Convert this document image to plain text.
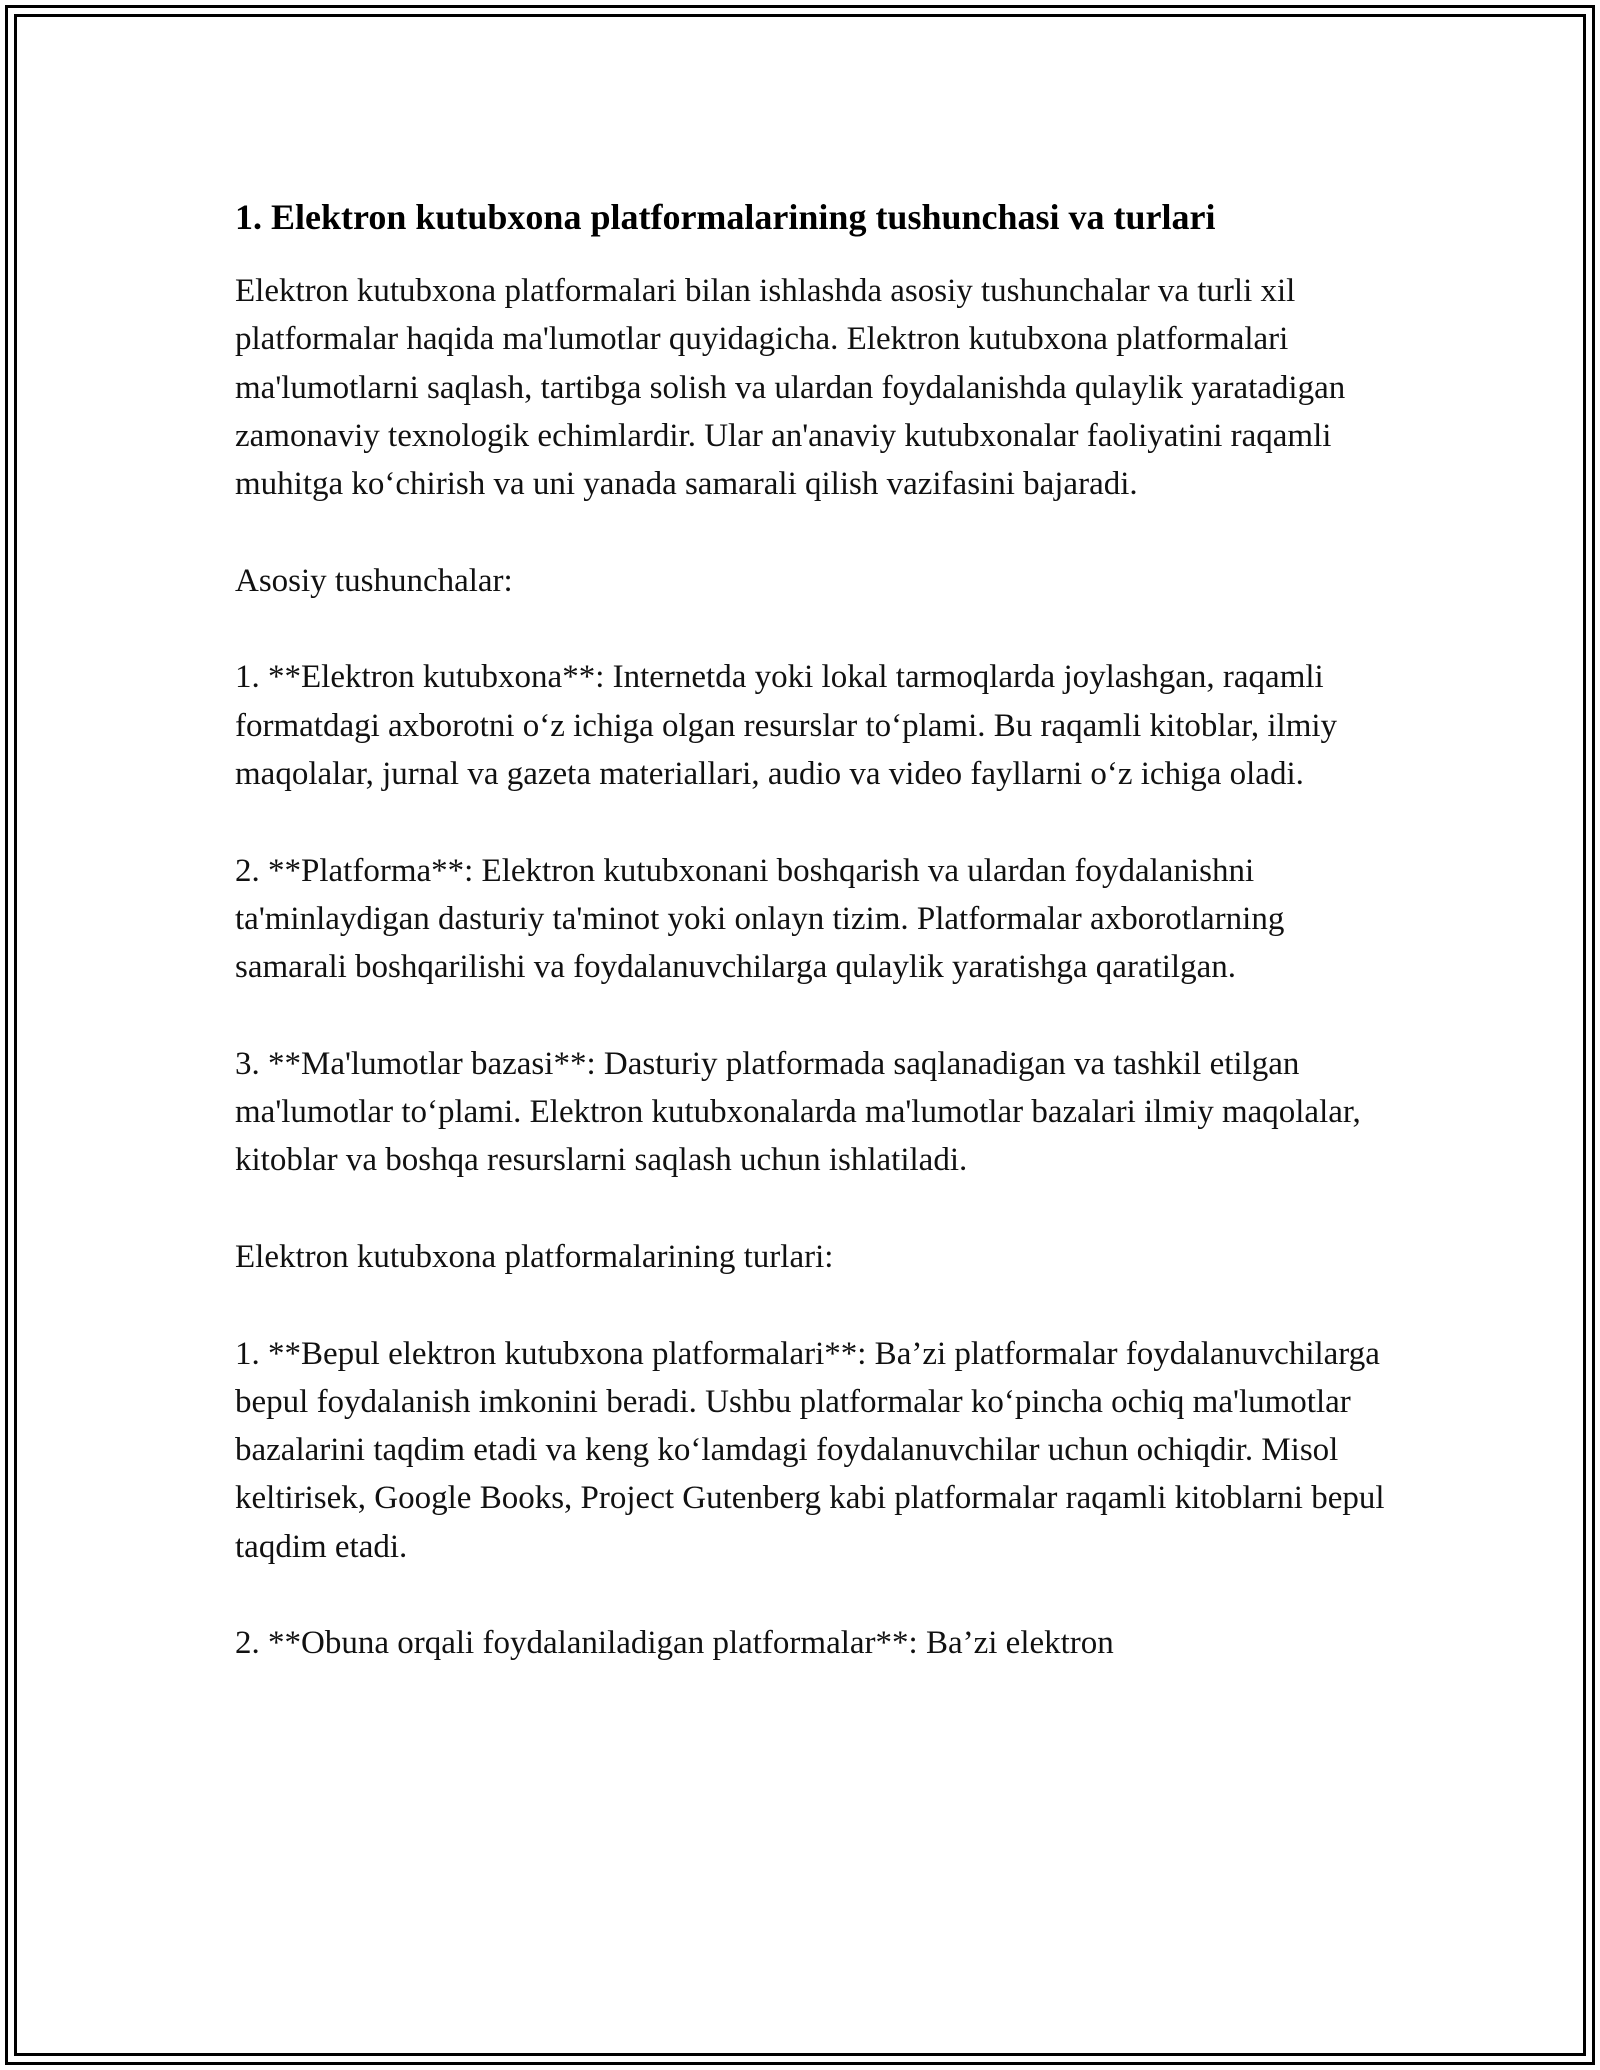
1. Elektron kutubxona platformalarining tushunchasi va turlari

Elektron kutubxona platformalari bilan ishlashda asosiy tushunchalar va turli xil platformalar haqida ma'lumotlar quyidagicha. Elektron kutubxona platformalari ma'lumotlarni saqlash, tartibga solish va ulardan foydalanishda qulaylik yaratadigan zamonaviy texnologik echimlardir. Ular an'anaviy kutubxonalar faoliyatini raqamli muhitga ko‘chirish va uni yanada samarali qilish vazifasini bajaradi.

Asosiy tushunchalar:

1. **Elektron kutubxona**: Internetda yoki lokal tarmoqlarda joylashgan, raqamli formatdagi axborotni o‘z ichiga olgan resurslar to‘plami. Bu raqamli kitoblar, ilmiy maqolalar, jurnal va gazeta materiallari, audio va video fayllarni o‘z ichiga oladi.

2. **Platforma**: Elektron kutubxonani boshqarish va ulardan foydalanishni ta'minlaydigan dasturiy ta'minot yoki onlayn tizim. Platformalar axborotlarning samarali boshqarilishi va foydalanuvchilarga qulaylik yaratishga qaratilgan.

3. **Ma'lumotlar bazasi**: Dasturiy platformada saqlanadigan va tashkil etilgan ma'lumotlar to‘plami. Elektron kutubxonalarda ma'lumotlar bazalari ilmiy maqolalar, kitoblar va boshqa resurslarni saqlash uchun ishlatiladi.

Elektron kutubxona platformalarining turlari:

1. **Bepul elektron kutubxona platformalari**: Ba’zi platformalar foydalanuvchilarga bepul foydalanish imkonini beradi. Ushbu platformalar ko‘pincha ochiq ma'lumotlar bazalarini taqdim etadi va keng ko‘lamdagi foydalanuvchilar uchun ochiqdir. Misol keltirisek, Google Books, Project Gutenberg kabi platformalar raqamli kitoblarni bepul taqdim etadi.

2. **Obuna orqali foydalaniladigan platformalar**: Ba’zi elektron
